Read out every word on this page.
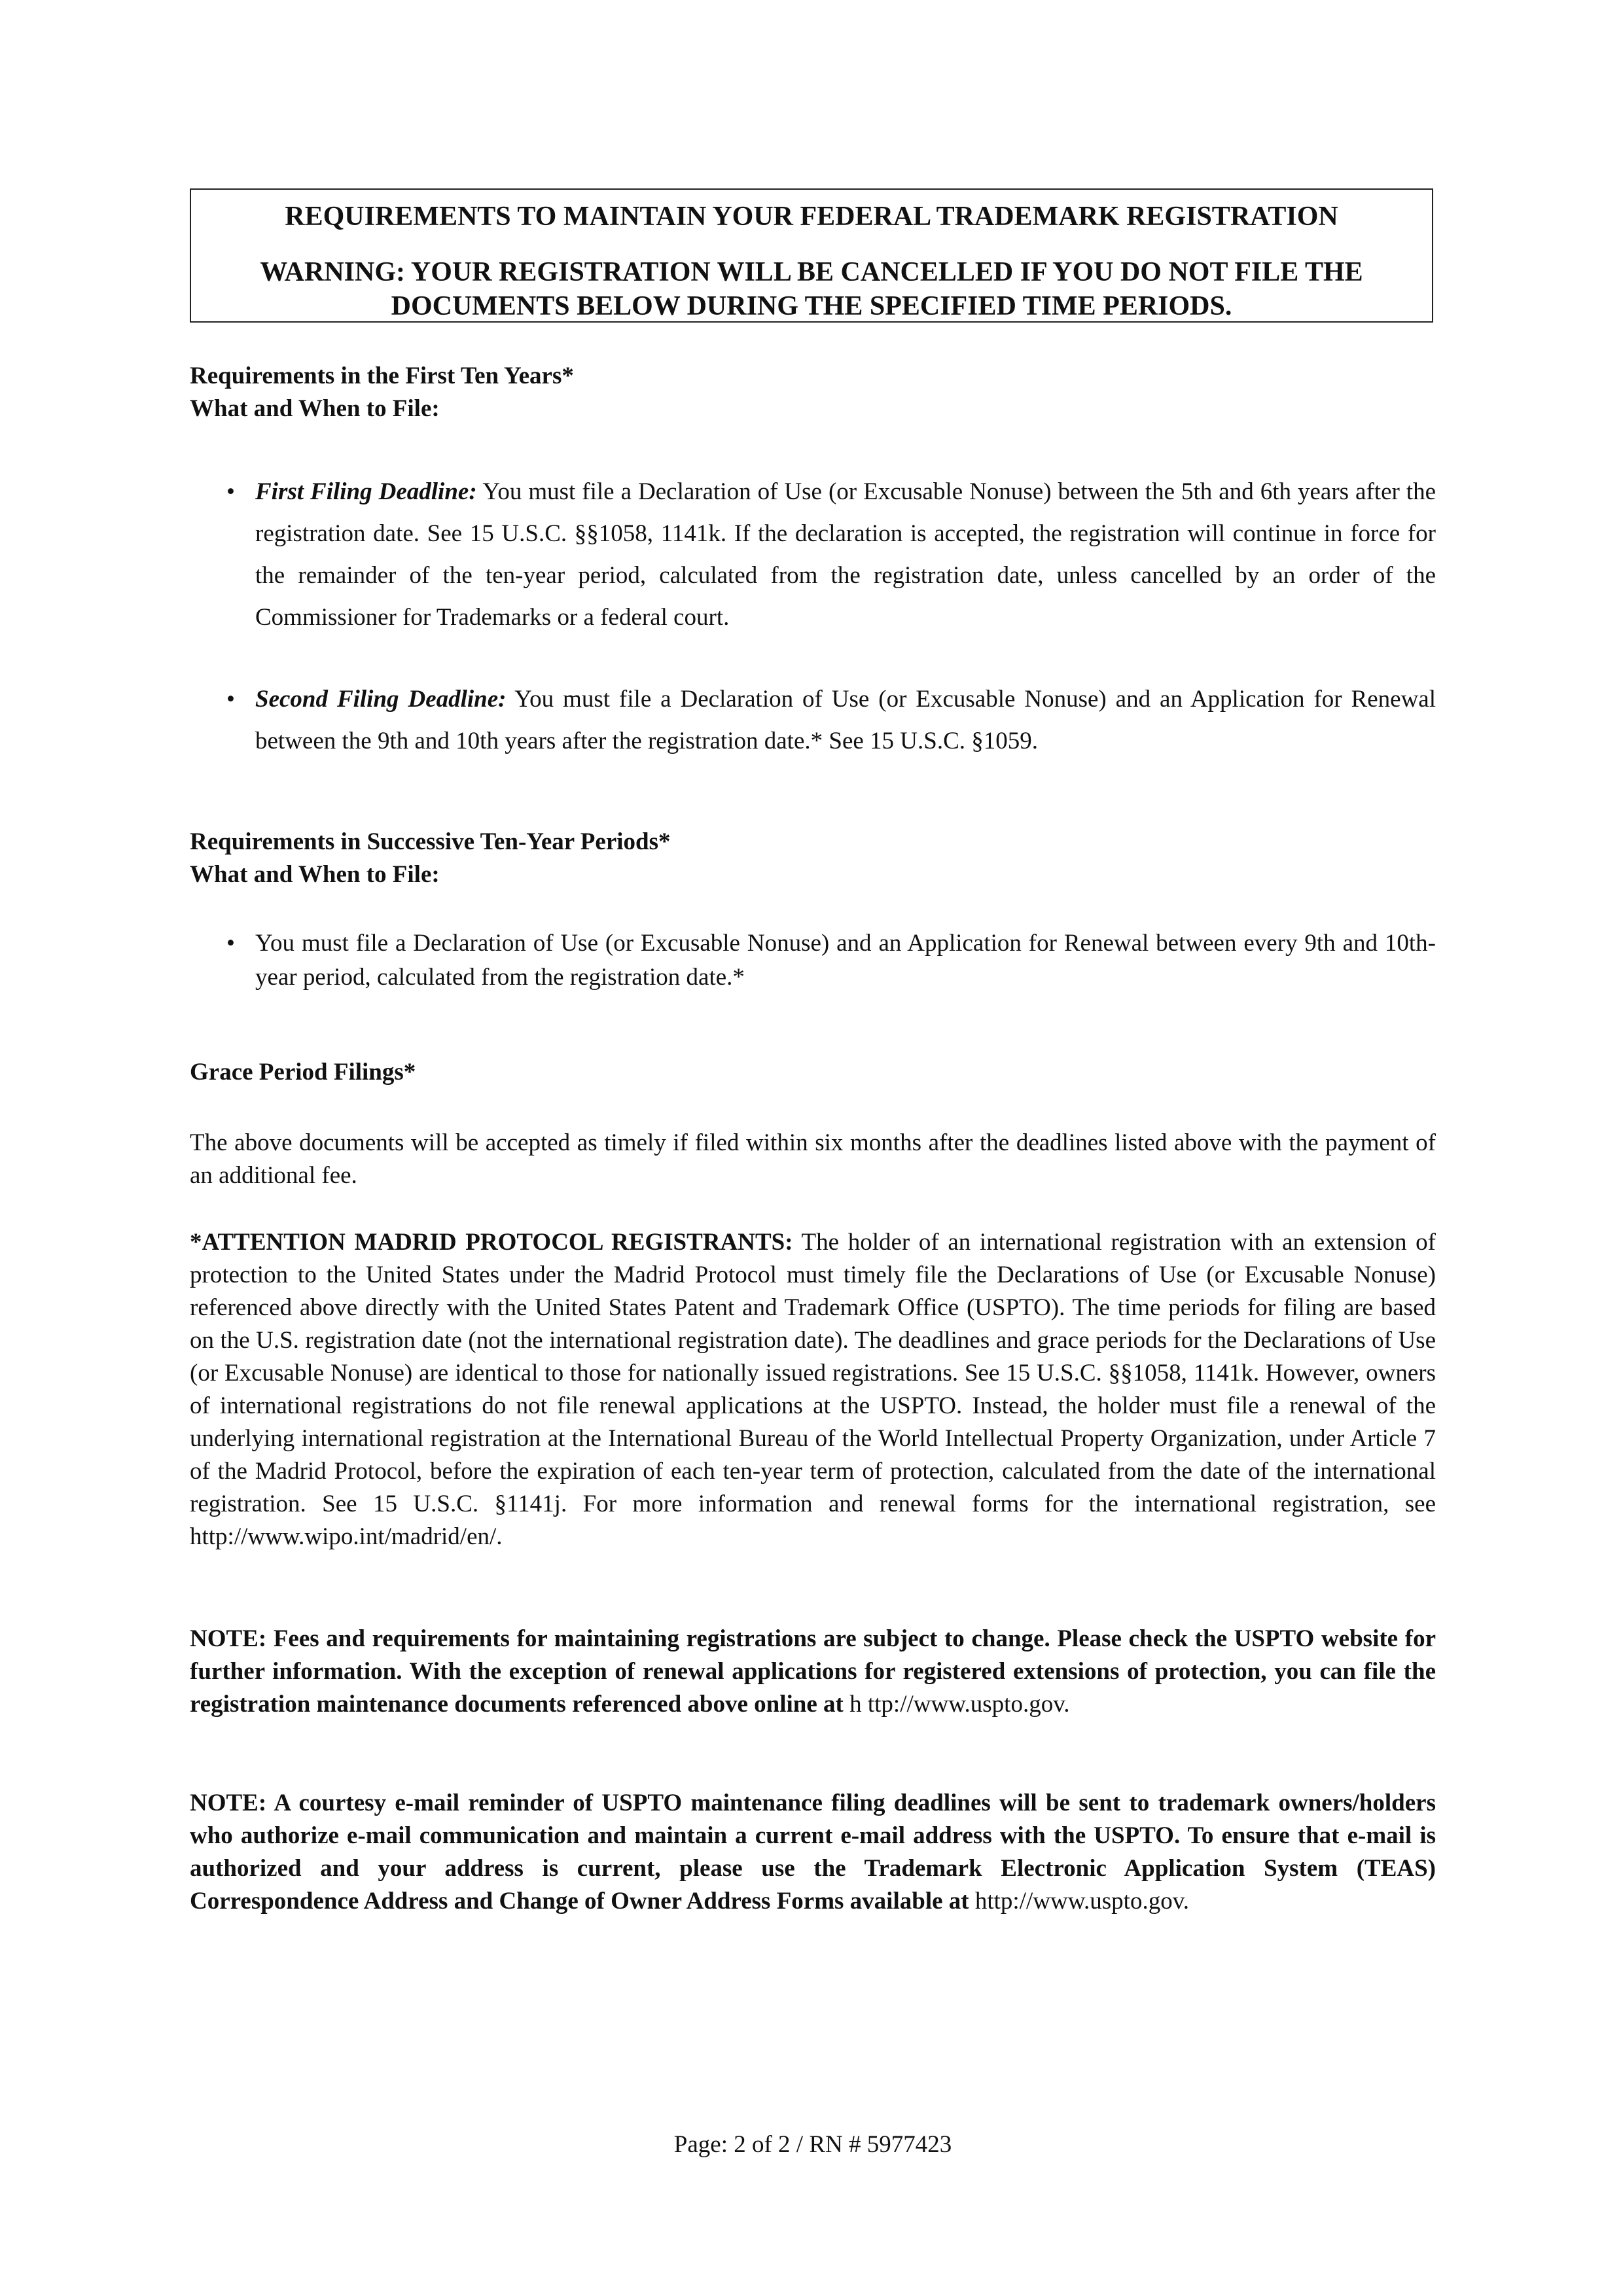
REQUIREMENTS TO MAINTAIN YOUR FEDERAL TRADEMARK REGISTRATION
WARNING: YOUR REGISTRATION WILL BE CANCELLED IF YOU DO NOT FILE THE DOCUMENTS BELOW DURING THE SPECIFIED TIME PERIODS.

Requirements in the First Ten Years*

What and When to File:

• First Filing Deadline: You must file a Declaration of Use (or Excusable Nonuse) between the 5th and 6th years after the registration date. See 15 U.S.C. §§1058, 1141k. If the declaration is accepted, the registration will continue in force for the remainder of the ten-year period, calculated from the registration date, unless cancelled by an order of the Commissioner for Trademarks or a federal court.
• Second Filing Deadline: You must file a Declaration of Use (or Excusable Nonuse) and an Application for Renewal between the 9th and 10th years after the registration date.* See 15 U.S.C. §1059.

Requirements in Successive Ten-Year Periods*

What and When to File:

• You must file a Declaration of Use (or Excusable Nonuse) and an Application for Renewal between every 9th and 10th-year period, calculated from the registration date.*

Grace Period Filings*

The above documents will be accepted as timely if filed within six months after the deadlines listed above with the payment of an additional fee.

*ATTENTION MADRID PROTOCOL REGISTRANTS: The holder of an international registration with an extension of protection to the United States under the Madrid Protocol must timely file the Declarations of Use (or Excusable Nonuse) referenced above directly with the United States Patent and Trademark Office (USPTO). The time periods for filing are based on the U.S. registration date (not the international registration date). The deadlines and grace periods for the Declarations of Use (or Excusable Nonuse) are identical to those for nationally issued registrations. See 15 U.S.C. §§1058, 1141k. However, owners of international registrations do not file renewal applications at the USPTO. Instead, the holder must file a renewal of the underlying international registration at the International Bureau of the World Intellectual Property Organization, under Article 7 of the Madrid Protocol, before the expiration of each ten-year term of protection, calculated from the date of the international registration. See 15 U.S.C. §1141j. For more information and renewal forms for the international registration, see http://www.wipo.int/madrid/en/.

NOTE: Fees and requirements for maintaining registrations are subject to change. Please check the USPTO website for further information. With the exception of renewal applications for registered extensions of protection, you can file the registration maintenance documents referenced above online at h ttp://www.uspto.gov.

NOTE: A courtesy e-mail reminder of USPTO maintenance filing deadlines will be sent to trademark owners/holders who authorize e-mail communication and maintain a current e-mail address with the USPTO. To ensure that e-mail is authorized and your address is current, please use the Trademark Electronic Application System (TEAS) Correspondence Address and Change of Owner Address Forms available at http://www.uspto.gov.

Page: 2 of 2 / RN # 5977423
